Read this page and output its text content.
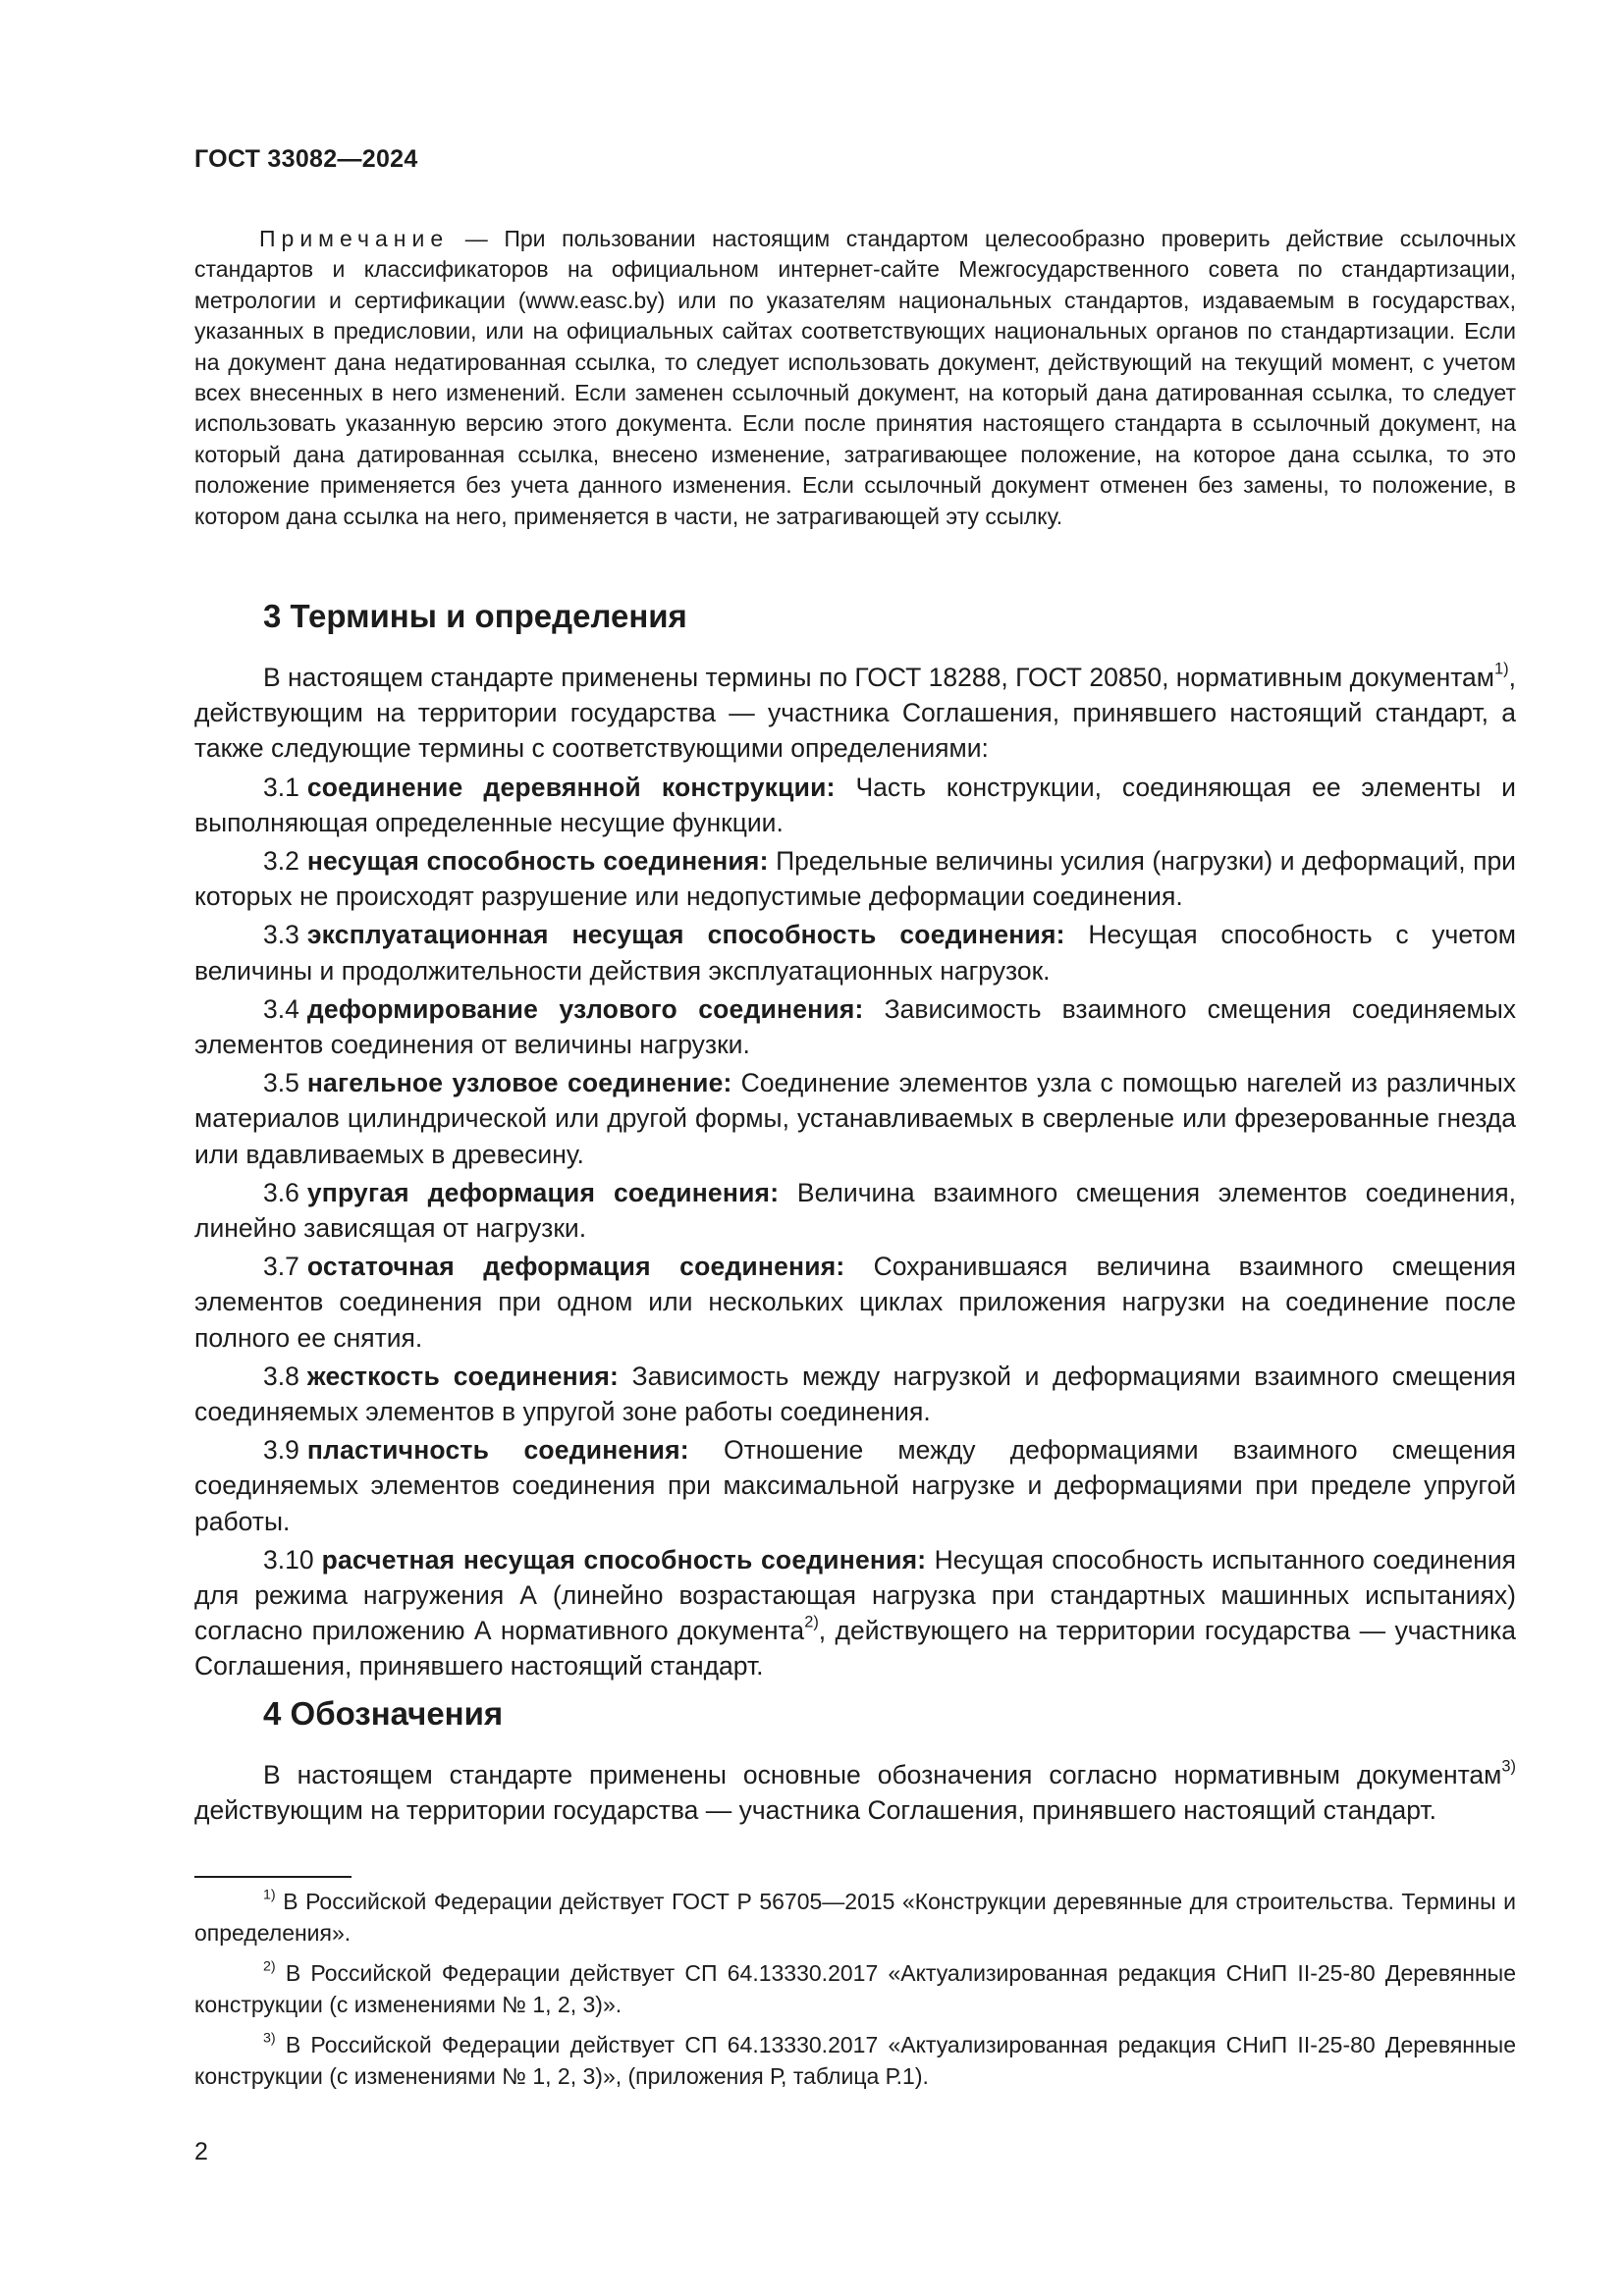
ГОСТ 33082—2024

Примечание — При пользовании настоящим стандартом целесообразно проверить действие ссылочных стандартов и классификаторов на официальном интернет-сайте Межгосударственного совета по стандартизации, метрологии и сертификации (www.easc.by) или по указателям национальных стандартов, издаваемым в государствах, указанных в предисловии, или на официальных сайтах соответствующих национальных органов по стандартизации. Если на документ дана недатированная ссылка, то следует использовать документ, действующий на текущий момент, с учетом всех внесенных в него изменений. Если заменен ссылочный документ, на который дана датированная ссылка, то следует использовать указанную версию этого документа. Если после принятия настоящего стандарта в ссылочный документ, на который дана датированная ссылка, внесено изменение, затрагивающее положение, на которое дана ссылка, то это положение применяется без учета данного изменения. Если ссылочный документ отменен без замены, то положение, в котором дана ссылка на него, применяется в части, не затрагивающей эту ссылку.

3 Термины и определения

В настоящем стандарте применены термины по ГОСТ 18288, ГОСТ 20850, нормативным документам$^{1)}$, действующим на территории государства — участника Соглашения, принявшего настоящий стандарт, а также следующие термины с соответствующими определениями:

3.1 соединение деревянной конструкции: Часть конструкции, соединяющая ее элементы и выполняющая определенные несущие функции.

3.2 несущая способность соединения: Предельные величины усилия (нагрузки) и деформаций, при которых не происходят разрушение или недопустимые деформации соединения.

3.3 эксплуатационная несущая способность соединения: Несущая способность с учетом величины и продолжительности действия эксплуатационных нагрузок.

3.4 деформирование узлового соединения: Зависимость взаимного смещения соединяемых элементов соединения от величины нагрузки.

3.5 нагельное узловое соединение: Соединение элементов узла с помощью нагелей из различных материалов цилиндрической или другой формы, устанавливаемых в сверленые или фрезерованные гнезда или вдавливаемых в древесину.

3.6 упругая деформация соединения: Величина взаимного смещения элементов соединения, линейно зависящая от нагрузки.

3.7 остаточная деформация соединения: Сохранившаяся величина взаимного смещения элементов соединения при одном или нескольких циклах приложения нагрузки на соединение после полного ее снятия.

3.8 жесткость соединения: Зависимость между нагрузкой и деформациями взаимного смещения соединяемых элементов в упругой зоне работы соединения.

3.9 пластичность соединения: Отношение между деформациями взаимного смещения соединяемых элементов соединения при максимальной нагрузке и деформациями при пределе упругой работы.

3.10 расчетная несущая способность соединения: Несущая способность испытанного соединения для режима нагружения А (линейно возрастающая нагрузка при стандартных машинных испытаниях) согласно приложению А нормативного документа$^{2)}$, действующего на территории государства — участника Соглашения, принявшего настоящий стандарт.

4 Обозначения

В настоящем стандарте применены основные обозначения согласно нормативным документам$^{3)}$ действующим на территории государства — участника Соглашения, принявшего настоящий стандарт.

$^{1)}$ В Российской Федерации действует ГОСТ Р 56705—2015 «Конструкции деревянные для строительства. Термины и определения».

$^{2)}$ В Российской Федерации действует СП 64.13330.2017 «Актуализированная редакция СНиП II-25-80 Деревянные конструкции (с изменениями № 1, 2, 3)».

$^{3)}$ В Российской Федерации действует СП 64.13330.2017 «Актуализированная редакция СНиП II-25-80 Деревянные конструкции (с изменениями № 1, 2, 3)», (приложения Р, таблица Р.1).

2
